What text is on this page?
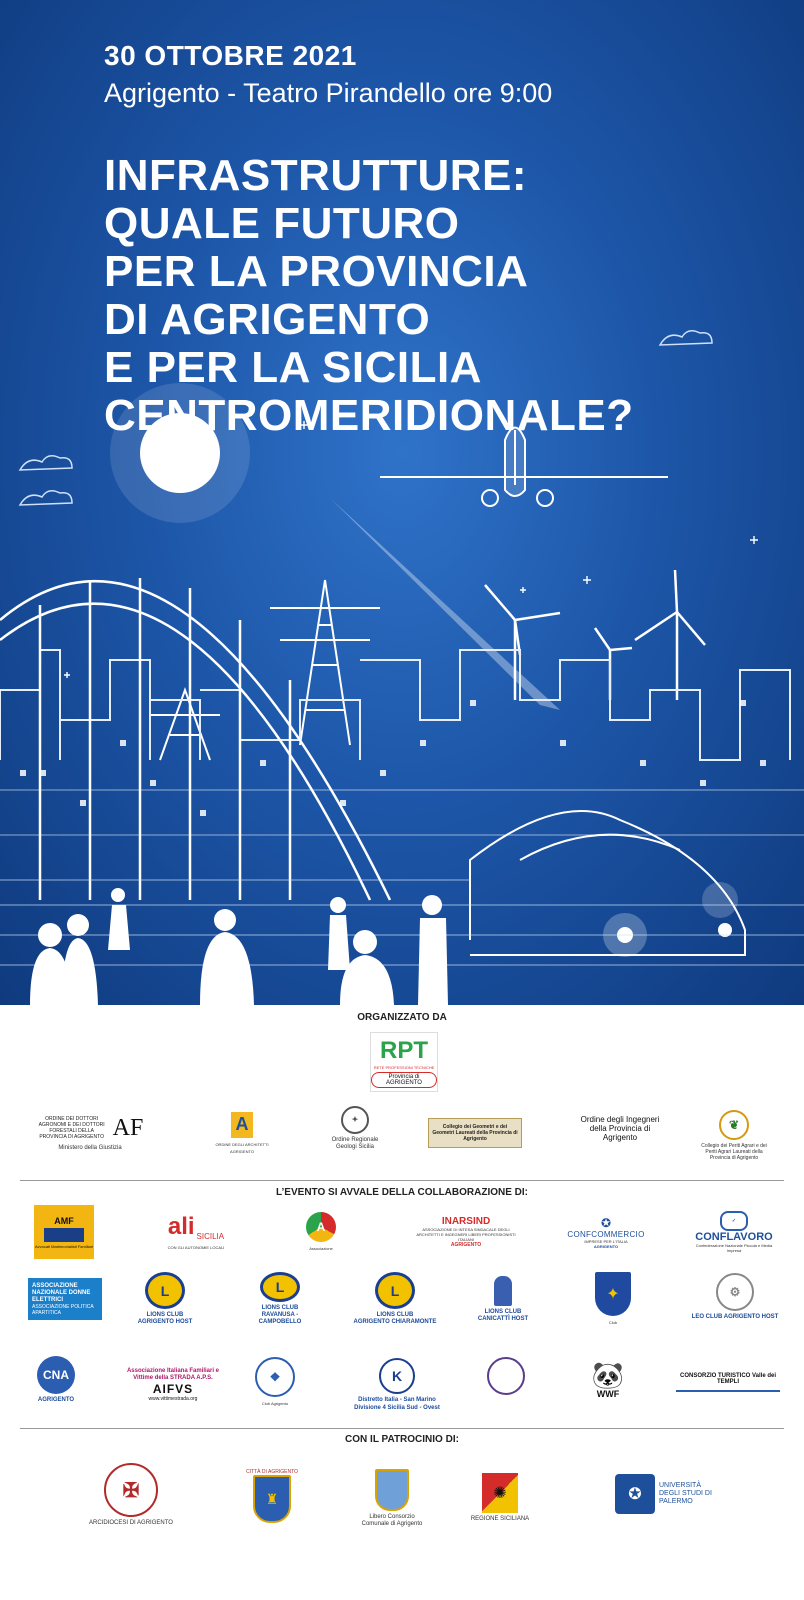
30 OTTOBRE 2021
Agrigento - Teatro Pirandello ore 9:00
INFRASTRUTTURE:
QUALE FUTURO
PER LA PROVINCIA
DI AGRIGENTO
E PER LA SICILIA
CENTROMERIDIONALE?
ORGANIZZATO DA
RPT
RETE PROFESSIONI TECNICHE
Provincia di AGRIGENTO
ORDINE DEI DOTTORI AGRONOMI E DEI DOTTORI FORESTALI DELLA PROVINCIA DI AGRIGENTO AF
Ministero della Giustizia
A
ORDINE DEGLI ARCHITETTI AGRIGENTO
✦
Ordine Regionale Geologi Sicilia
Collegio dei Geometri e dei Geometri Laureati della Provincia di Agrigento
Ordine degli Ingegneri della Provincia di Agrigento
❦
Collegio dei Periti Agrari e dei Periti Agrari Laureati della Provincia di Agrigento
L’EVENTO SI AVVALE DELLA COLLABORAZIONE DI:
AMF
Avvocati Matrimonialisti Familiari
ali SICILIA
CON GLI AUTONOMIE LOCALI
A
Associazione
INARSIND
ASSOCIAZIONE DI INTESA SINDACALE DEGLI ARCHITETTI E INGEGNERI LIBERI PROFESSIONISTI ITALIANI
AGRIGENTO
✪
CONFCOMMERCIO
IMPRESE PER L’ITALIA
AGRIGENTO
✓
CONFLAVORO
Confederazione Nazionale Piccola e Media Impresa
ASSOCIAZIONE NAZIONALE DONNE ELETTRICI
ASSOCIAZIONE POLITICA APARTITICA
L
LIONS CLUB
AGRIGENTO HOST
L
LIONS CLUB
RAVANUSA - CAMPOBELLO
L
LIONS CLUB
AGRIGENTO CHIARAMONTE
LIONS CLUB
CANICATTÌ HOST
✦
Club
⚙
LEO CLUB AGRIGENTO HOST
CNA
AGRIGENTO
Associazione Italiana Familiari e Vittime della STRADA A.P.S.
AIFVS
www.vittimestrada.org
❖
Club Agrigento
K
Distretto Italia - San Marino
Divisione 4 Sicilia Sud - Ovest
🐼
WWF
CONSORZIO TURISTICO Valle dei TEMPLI
CON IL PATROCINIO DI:
✠
ARCIDIOCESI DI AGRIGENTO
CITTÀ DI AGRIGENTO
♜
Libero Consorzio
Comunale di Agrigento
✺
REGIONE SICILIANA
✪
UNIVERSITÀ DEGLI STUDI DI PALERMO
